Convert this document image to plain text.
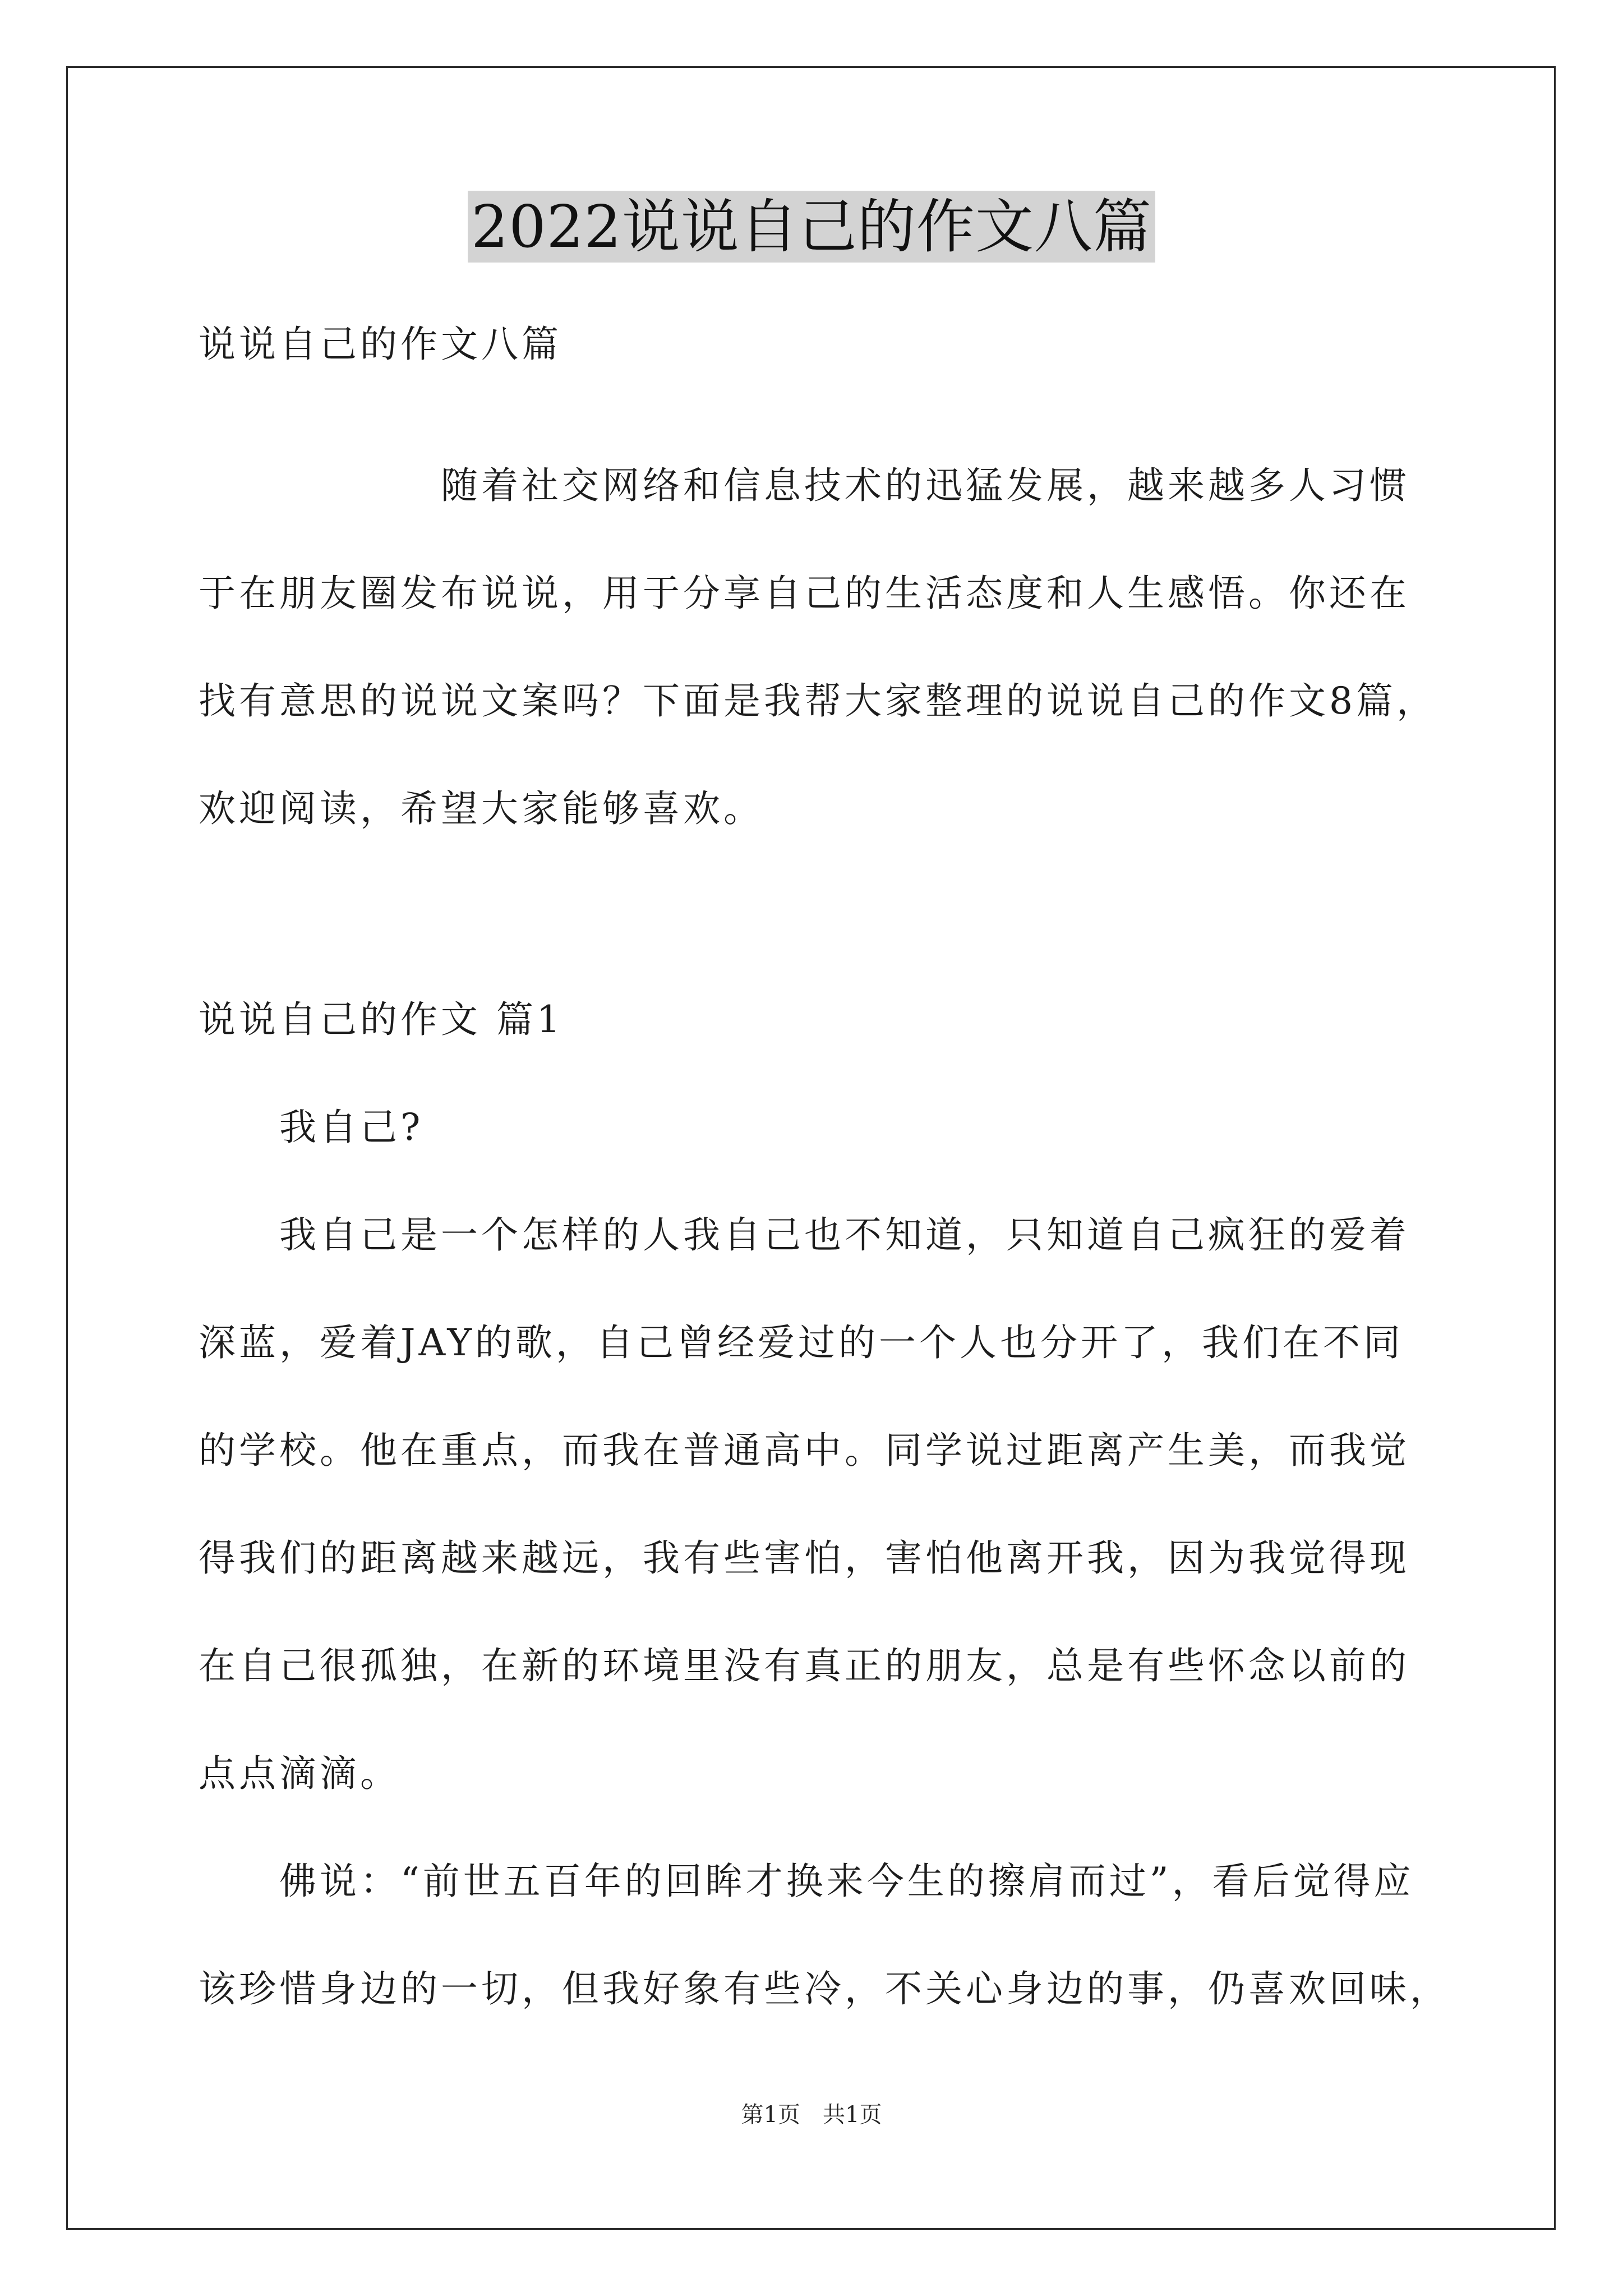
2022说说自己的作文八篇

说说自己的作文八篇

　　　　　　随着社交网络和信息技术的迅猛发展，越来越多人习惯

于在朋友圈发布说说，用于分享自己的生活态度和人生感悟。你还在

找有意思的说说文案吗？下面是我帮大家整理的说说自己的作文8篇，

欢迎阅读，希望大家能够喜欢。

说说自己的作文 篇1

　　我自己?

　　我自己是一个怎样的人我自己也不知道，只知道自己疯狂的爱着

深蓝，爱着JAY的歌，自己曾经爱过的一个人也分开了，我们在不同

的学校。他在重点，而我在普通高中。同学说过距离产生美，而我觉

得我们的距离越来越远，我有些害怕，害怕他离开我，因为我觉得现

在自己很孤独，在新的环境里没有真正的朋友，总是有些怀念以前的

点点滴滴。

　　佛说：“前世五百年的回眸才换来今生的擦肩而过”，看后觉得应

该珍惜身边的一切，但我好象有些冷，不关心身边的事，仍喜欢回味，

第1页　共1页
